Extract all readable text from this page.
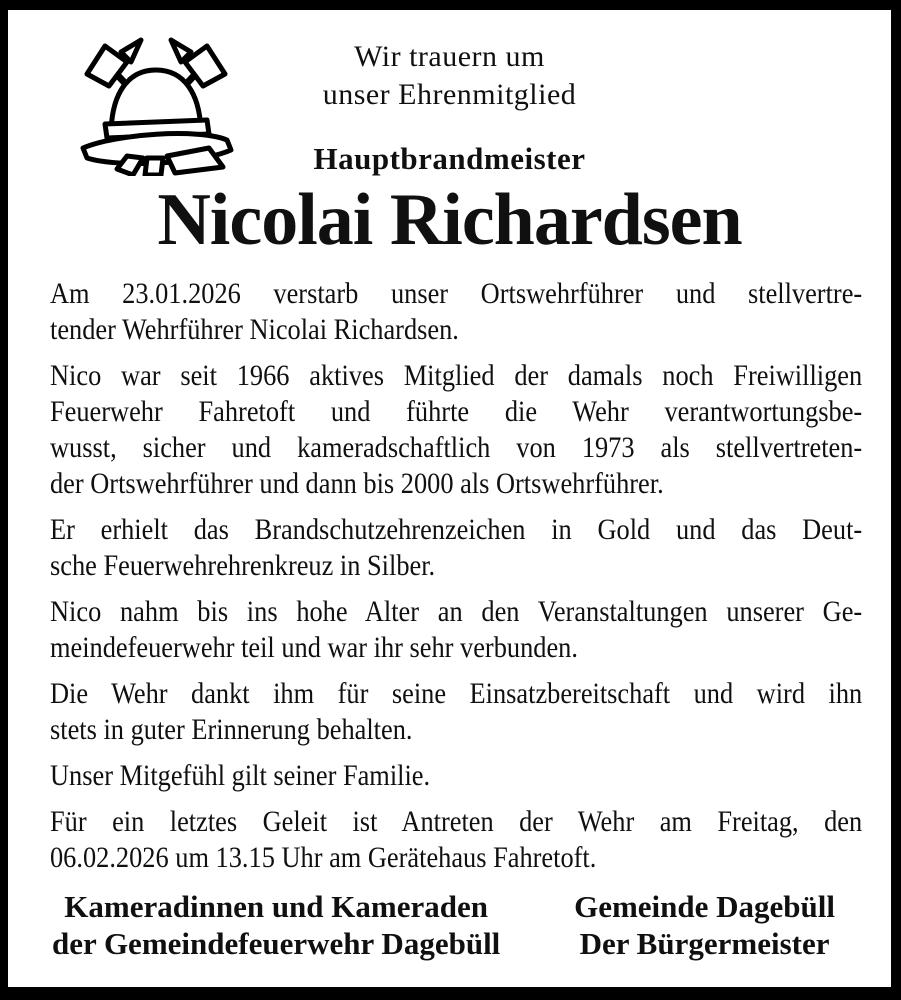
Wir trauern um
unser Ehrenmitglied
Hauptbrandmeister
Nicolai Richardsen

Am 23.01.2026 verstarb unser Ortswehrführer und stellvertre-
tender Wehrführer Nicolai Richardsen.

Nico war seit 1966 aktives Mitglied der damals noch Freiwilligen
Feuerwehr Fahretoft und führte die Wehr verantwortungsbe-
wusst, sicher und kameradschaftlich von 1973 als stellvertreten-
der Ortswehrführer und dann bis 2000 als Ortswehrführer.

Er erhielt das Brandschutzehrenzeichen in Gold und das Deut-
sche Feuerwehrehrenkreuz in Silber.

Nico nahm bis ins hohe Alter an den Veranstaltungen unserer Ge-
meindefeuerwehr teil und war ihr sehr verbunden.

Die Wehr dankt ihm für seine Einsatzbereitschaft und wird ihn
stets in guter Erinnerung behalten.

Unser Mitgefühl gilt seiner Familie.

Für ein letztes Geleit ist Antreten der Wehr am Freitag, den
06.02.2026 um 13.15 Uhr am Gerätehaus Fahretoft.

Kameradinnen und Kameraden
der Gemeindefeuerwehr Dagebüll
Gemeinde Dagebüll
Der Bürgermeister
